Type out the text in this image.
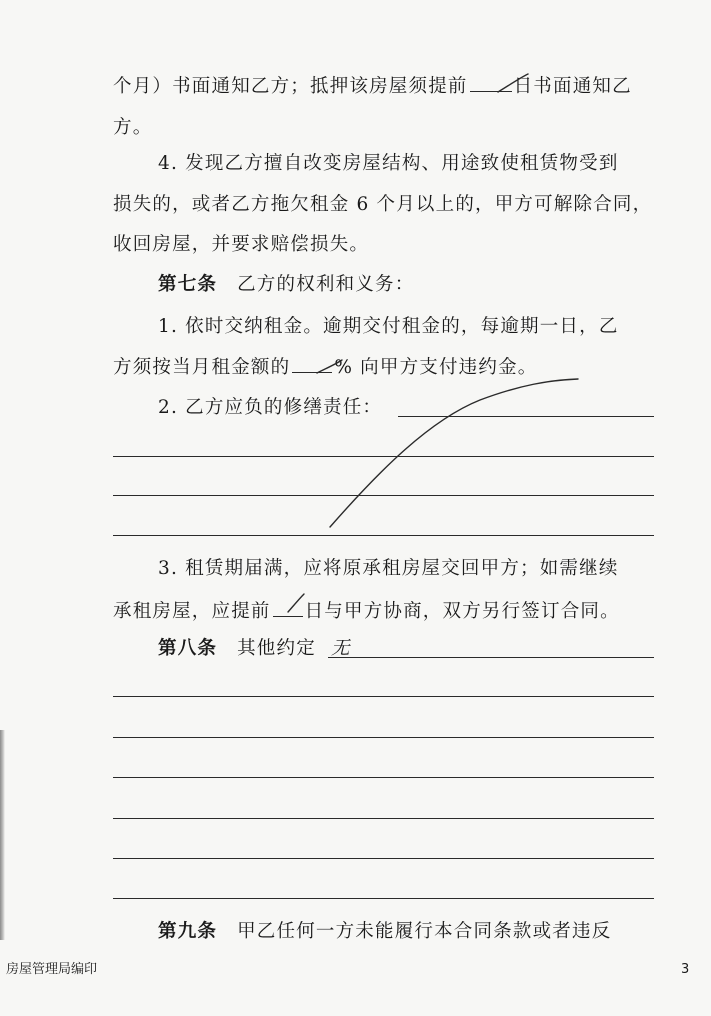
个月）书面通知乙方；抵押该房屋须提前 日书面通知乙
方。
4. 发现乙方擅自改变房屋结构、用途致使租赁物受到
损失的，或者乙方拖欠租金 6 个月以上的，甲方可解除合同，
收回房屋，并要求赔偿损失。
第七条 乙方的权利和义务：
1. 依时交纳租金。逾期交付租金的，每逾期一日，乙
方须按当月租金额的 % 向甲方支付违约金。
2. 乙方应负的修缮责任：
3. 租赁期届满，应将原承租房屋交回甲方；如需继续
承租房屋，应提前 日与甲方协商，双方另行签订合同。
第八条 其他约定 无
第九条 甲乙任何一方未能履行本合同条款或者违反
房屋管理局编印	3
